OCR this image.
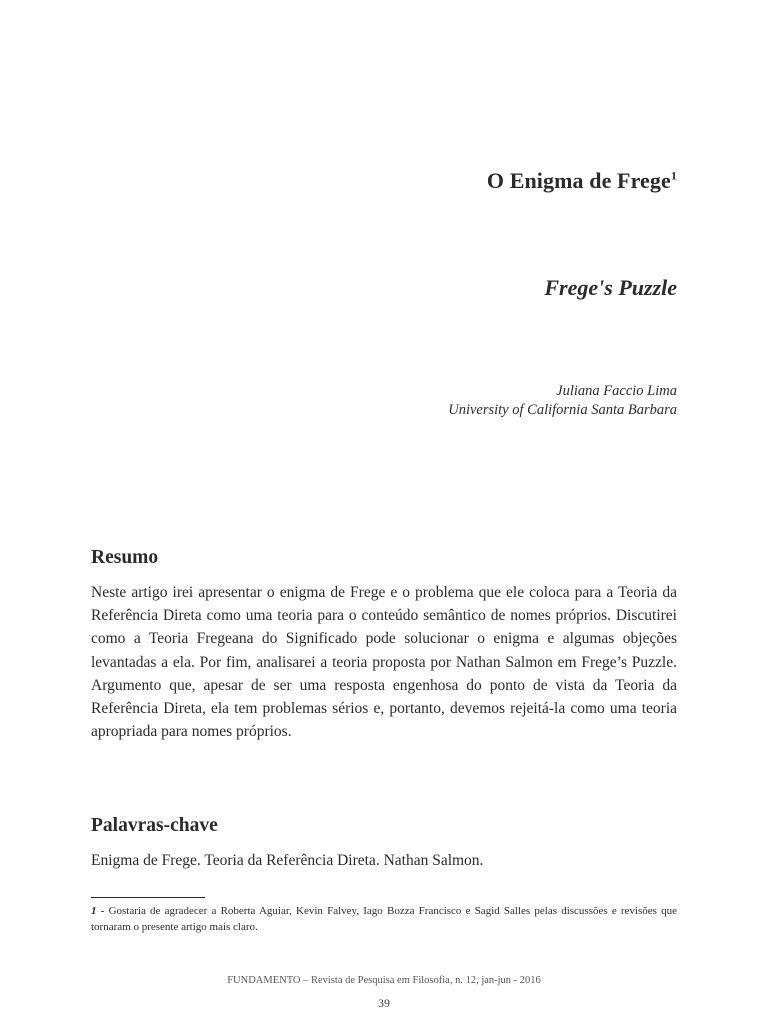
O Enigma de Frege$^1$
Frege's Puzzle
Juliana Faccio Lima
University of California Santa Barbara
Resumo

Neste artigo irei apresentar o enigma de Frege e o problema que ele coloca para a Teoria da Referência Direta como uma teoria para o conteúdo semântico de nomes próprios. Discutirei como a Teoria Fregeana do Significado pode solucionar o enigma e algumas objeções levantadas a ela. Por fim, analisarei a teoria proposta por Nathan Salmon em Frege’s Puzzle. Argumento que, apesar de ser uma resposta engenhosa do ponto de vista da Teoria da Referência Direta, ela tem problemas sérios e, portanto, devemos rejeitá-la como uma teoria apropriada para nomes próprios.

Palavras-chave

Enigma de Frege. Teoria da Referência Direta. Nathan Salmon.

1 - Gostaria de agradecer a Roberta Aguiar, Kevin Falvey, Iago Bozza Francisco e Sagid Salles pelas discussões e revisões que tornaram o presente artigo mais claro.

FUNDAMENTO – Revista de Pesquisa em Filosofia, n. 12, jan-jun - 2016
39
